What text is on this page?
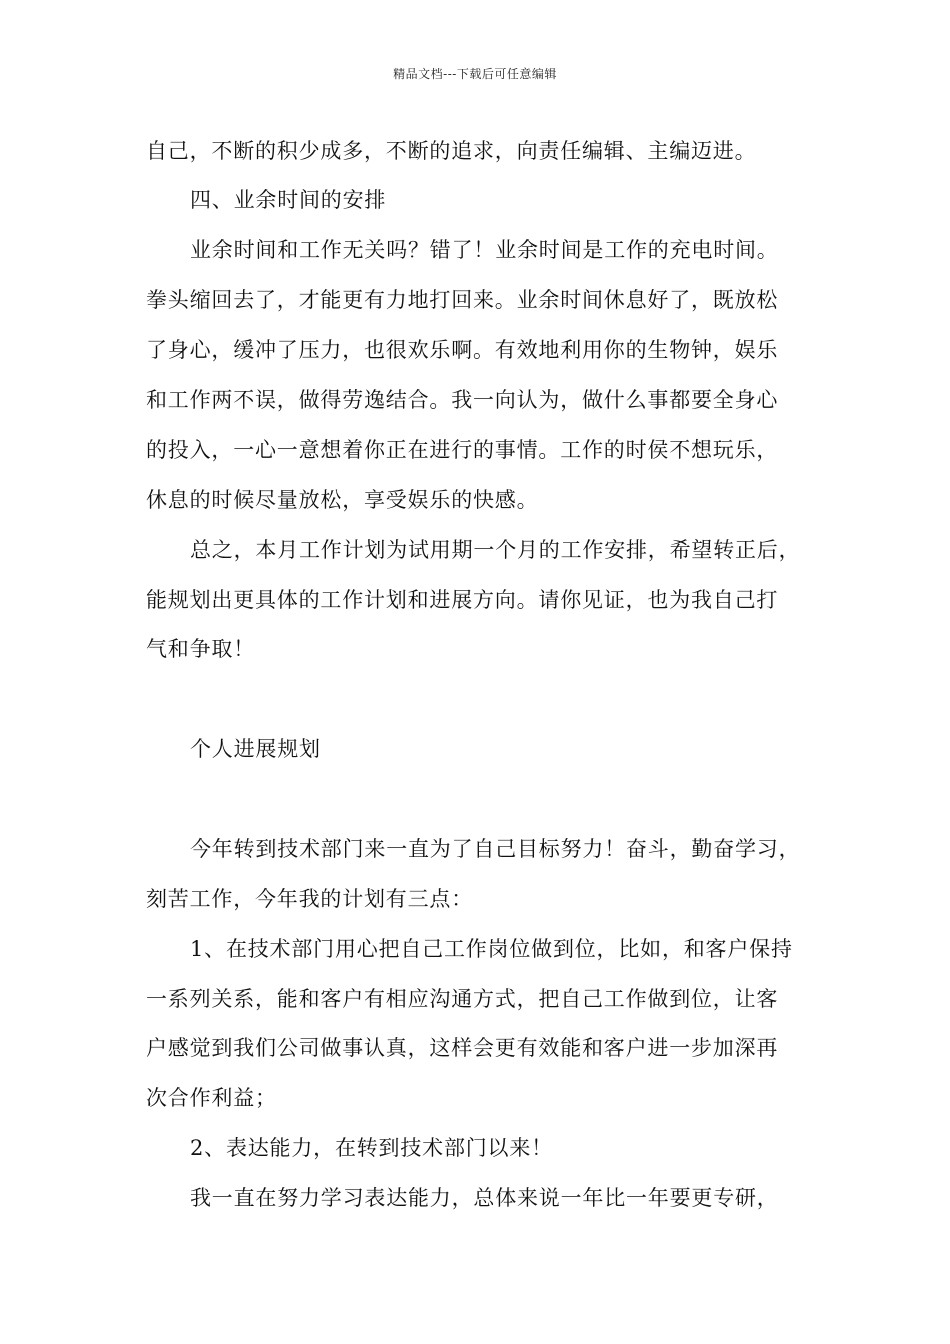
精品文档---下载后可任意编辑
自己，不断的积少成多，不断的追求，向责任编辑、主编迈进。
四、业余时间的安排
业余时间和工作无关吗？错了！业余时间是工作的充电时间。
拳头缩回去了，才能更有力地打回来。业余时间休息好了，既放松
了身心，缓冲了压力，也很欢乐啊。有效地利用你的生物钟，娱乐
和工作两不误，做得劳逸结合。我一向认为，做什么事都要全身心
的投入，一心一意想着你正在进行的事情。工作的时侯不想玩乐，
休息的时候尽量放松，享受娱乐的快感。
总之，本月工作计划为试用期一个月的工作安排，希望转正后，
能规划出更具体的工作计划和进展方向。请你见证，也为我自己打
气和争取！
个人进展规划
今年转到技术部门来一直为了自己目标努力！奋斗，勤奋学习，
刻苦工作，今年我的计划有三点：
1、在技术部门用心把自己工作岗位做到位，比如，和客户保持
一系列关系，能和客户有相应沟通方式，把自己工作做到位，让客
户感觉到我们公司做事认真，这样会更有效能和客户进一步加深再
次合作利益；
2、表达能力，在转到技术部门以来！
我一直在努力学习表达能力，总体来说一年比一年要更专研，
